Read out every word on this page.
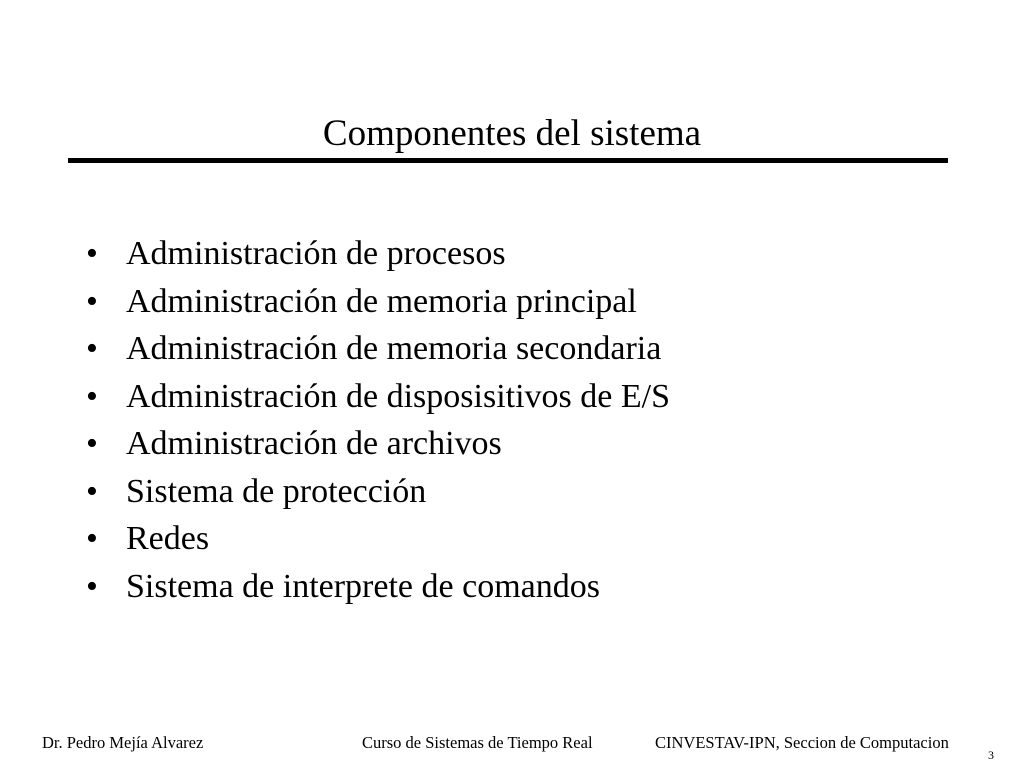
Componentes del sistema
• Administración de procesos
• Administración de memoria principal
• Administración de memoria secondaria
• Administración de disposisitivos de E/S
• Administración de archivos
• Sistema de protección
• Redes
• Sistema de interprete de comandos
Dr. Pedro Mejía Alvarez	Curso de Sistemas de Tiempo Real	CINVESTAV-IPN, Seccion de Computacion
3
